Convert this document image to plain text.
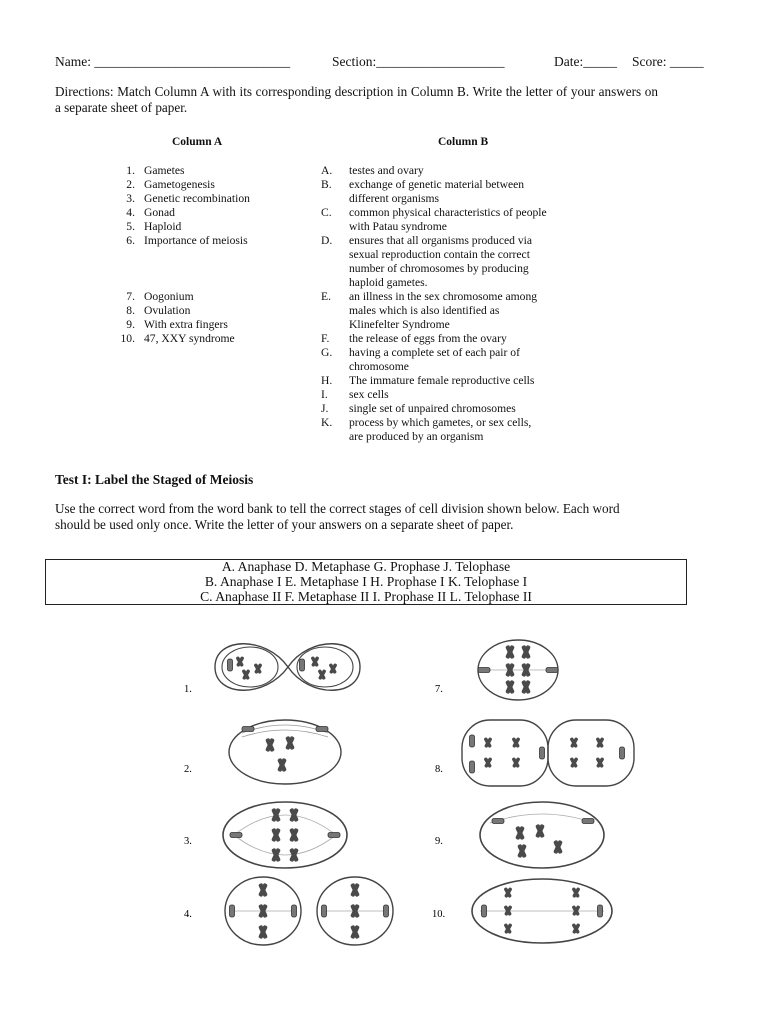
Name: _____________________________	Section:___________________	Date:_____ Score: _____
Directions: Match Column A with its corresponding description in Column B. Write the letter of your answers on a separate sheet of paper.
Column A	Column B
1. Gametes
2. Gametogenesis
3. Genetic recombination
4. Gonad
5. Haploid
6. Importance of meiosis
7. Oogonium
8. Ovulation
9. With extra fingers
10. 47, XXY syndrome
A. testes and ovary
B. exchange of genetic material between
different organisms
C. common physical characteristics of people
with Patau syndrome
D. ensures that all organisms produced via
sexual reproduction contain the correct
number of chromosomes by producing
haploid gametes.
E. an illness in the sex chromosome among
males which is also identified as
Klinefelter Syndrome
F. the release of eggs from the ovary
G. having a complete set of each pair of
chromosome
H. The immature female reproductive cells
I. sex cells
J. single set of unpaired chromosomes
K. process by which gametes, or sex cells,
are produced by an organism
Test I: Label the Staged of Meiosis
Use the correct word from the word bank to tell the correct stages of cell division shown below. Each word should be used only once. Write the letter of your answers on a separate sheet of paper.
A. Anaphase D. Metaphase G. Prophase J. Telophase
B. Anaphase I E. Metaphase I H. Prophase I K. Telophase I
C. Anaphase II F. Metaphase II I. Prophase II L. Telophase II
1.
2.
3.
4.
7.
8.
9.
10.
